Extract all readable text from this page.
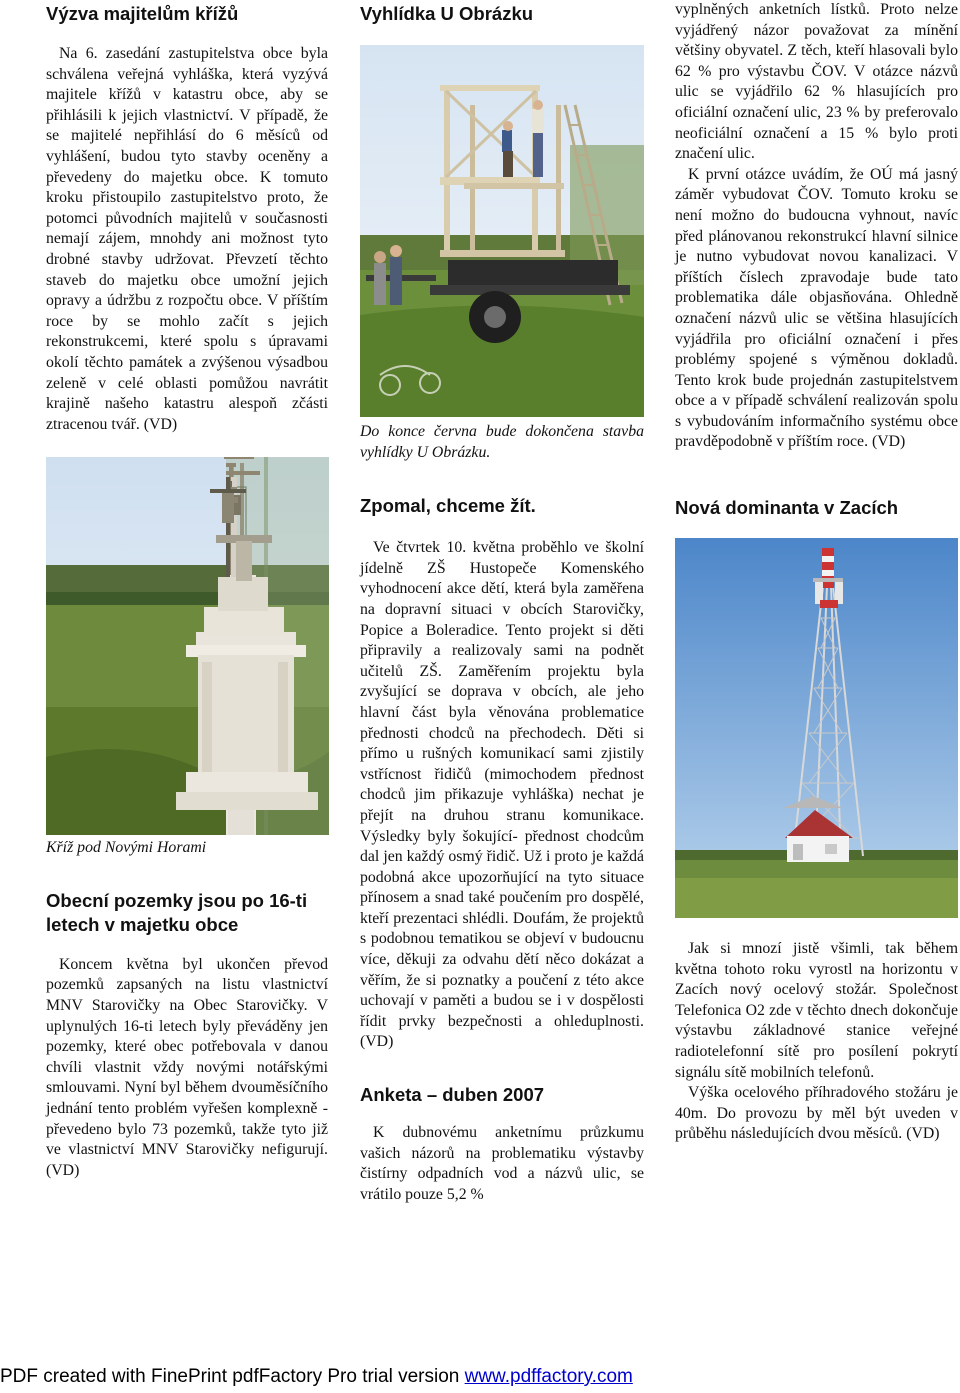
Výzva majitelům křížů

Na 6. zasedání zastupitelstva obce byla schválena veřejná vyhláška, která vyzývá majitele křížů v katastru obce, aby se přihlásili k jejich vlastnictví. V případě, že se majitelé nepřihlásí do 6 měsíců od vyhlášení, budou tyto stavby oceněny a převedeny do majetku obce. K tomuto kroku přistoupilo zastupitelstvo proto, že potomci původních majitelů v současnosti nemají zájem, mnohdy ani možnost tyto drobné stavby udržovat. Převzetí těchto staveb do majetku obce umožní jejich opravy a údržbu z rozpočtu obce. V příštím roce by se mohlo začít s jejich rekonstrukcemi, které spolu s úpravami okolí těchto památek a zvýšenou výsadbou zeleně v celé oblasti pomůžou navrátit krajině našeho katastru alespoň zčásti ztracenou tvář. (VD)

Kříž pod Novými Horami
Obecní pozemky jsou po 16-ti letech v majetku obce

Koncem května byl ukončen převod pozemků zapsaných na listu vlastnictví MNV Starovičky na Obec Starovičky. V uplynulých 16-ti letech byly převáděny jen pozemky, které obec potřebovala v danou chvíli vlastnit vždy novými notářskými smlouvami. Nyní byl během dvouměsíčního jednání tento problém vyřešen komplexně - převedeno bylo 73 pozemků, takže tyto již ve vlastnictví MNV Starovičky nefigurují. (VD)

Vyhlídka U Obrázku
Do konce června bude dokončena stavba vyhlídky U Obrázku.
Zpomal, chceme žít.

Ve čtvrtek 10. května proběhlo ve školní jídelně ZŠ Hustopeče Komenského vyhodnocení akce dětí, která byla zaměřena na dopravní situaci v obcích Starovičky, Popice a Boleradice. Tento projekt si děti připravily a realizovaly sami na podnět učitelů ZŠ. Zaměřením projektu byla zvyšující se doprava v obcích, ale jeho hlavní část byla věnována problematice přednosti chodců na přechodech. Děti si přímo u rušných komunikací sami zjistily vstřícnost řidičů (mimochodem přednost chodců jim přikazuje vyhláška) nechat je přejít na druhou stranu komunikace. Výsledky byly šokující- přednost chodcům dal jen každý osmý řidič. Už i proto je každá podobná akce upozorňující na tyto situace přínosem a snad také poučením pro dospělé, kteří prezentaci shlédli. Doufám, že projektů s podobnou tematikou se objeví v budoucnu více, děkuji za odvahu dětí něco dokázat a věřím, že si poznatky a poučení z této akce uchovají v paměti a budou se i v dospělosti řídit prvky bezpečnosti a ohleduplnosti. (VD)

Anketa – duben 2007

K dubnovému anketnímu průzkumu vašich názorů na problematiku výstavby čistírny odpadních vod a názvů ulic, se vrátilo pouze 5,2 %

vyplněných anketních lístků. Proto nelze vyjádřený názor považovat za mínění většiny obyvatel. Z těch, kteří hlasovali bylo 62 % pro výstavbu ČOV. V otázce názvů ulic se vyjádřilo 62 % hlasujících pro oficiální označení ulic, 23 % by preferovalo neoficiální označení a 15 % bylo proti značení ulic.

K první otázce uvádím, že OÚ má jasný záměr vybudovat ČOV. Tomuto kroku se není možno do budoucna vyhnout, navíc před plánovanou rekonstrukcí hlavní silnice je nutno vybudovat novou kanalizaci. V příštích číslech zpravodaje bude tato problematika dále objasňována. Ohledně označení názvů ulic se většina hlasujících vyjádřila pro oficiální označení i přes problémy spojené s výměnou dokladů. Tento krok bude projednán zastupitelstvem obce a v případě schválení realizován spolu s vybudováním informačního systému obce pravděpodobně v příštím roce. (VD)

Nová dominanta v Zacích

Jak si mnozí jistě všimli, tak během května tohoto roku vyrostl na horizontu v Zacích nový ocelový stožár. Společnost Telefonica O2 zde v těchto dnech dokončuje výstavbu základnové stanice veřejné radiotelefonní sítě pro posílení pokrytí signálu sítě mobilních telefonů.

Výška ocelového příhradového stožáru je 40m. Do provozu by měl být uveden v průběhu následujících dvou měsíců. (VD)

PDF created with FinePrint pdfFactory Pro trial version www.pdffactory.com
